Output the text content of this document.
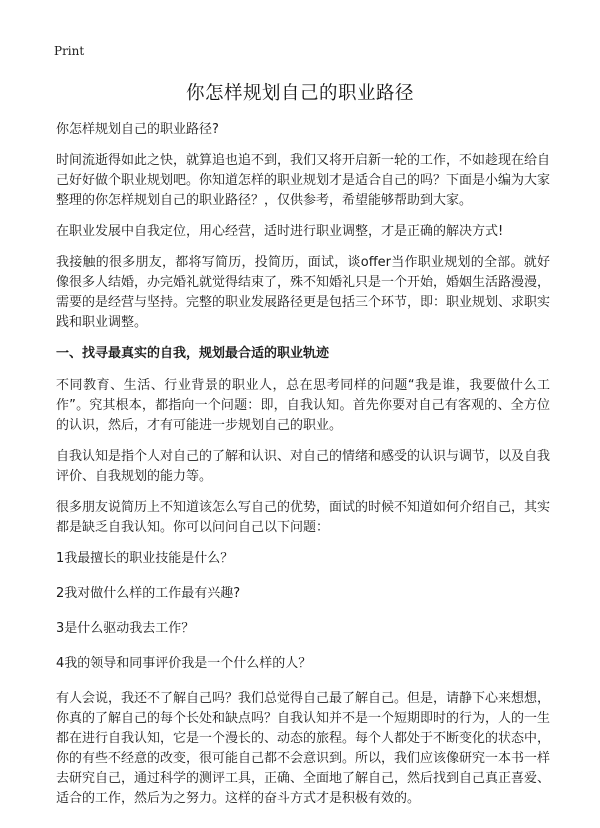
Print
你怎样规划自己的职业路径

你怎样规划自己的职业路径?

时间流逝得如此之快，就算追也追不到，我们又将开启新一轮的工作，不如趁现在给自己好好做个职业规划吧。你知道怎样的职业规划才是适合自己的吗？下面是小编为大家整理的你怎样规划自己的职业路径？，仅供参考，希望能够帮助到大家。

在职业发展中自我定位，用心经营，适时进行职业调整，才是正确的解决方式!

我接触的很多朋友，都将写简历，投简历，面试，谈offer当作职业规划的全部。就好像很多人结婚，办完婚礼就觉得结束了，殊不知婚礼只是一个开始，婚姻生活路漫漫，需要的是经营与坚持。完整的职业发展路径更是包括三个环节，即：职业规划、求职实践和职业调整。

一、找寻最真实的自我，规划最合适的职业轨迹

不同教育、生活、行业背景的职业人，总在思考同样的问题“我是谁，我要做什么工作”。究其根本，都指向一个问题：即，自我认知。首先你要对自己有客观的、全方位的认识，然后，才有可能进一步规划自己的职业。

自我认知是指个人对自己的了解和认识、对自己的情绪和感受的认识与调节，以及自我评价、自我规划的能力等。

很多朋友说简历上不知道该怎么写自己的优势，面试的时候不知道如何介绍自己，其实都是缺乏自我认知。你可以问问自己以下问题：

1我最擅长的职业技能是什么？

2我对做什么样的工作最有兴趣?

3是什么驱动我去工作？

4我的领导和同事评价我是一个什么样的人？

有人会说，我还不了解自己吗？我们总觉得自己最了解自己。但是，请静下心来想想，你真的了解自己的每个长处和缺点吗？自我认知并不是一个短期即时的行为，人的一生都在进行自我认知，它是一个漫长的、动态的旅程。每个人都处于不断变化的状态中，你的有些不经意的改变，很可能自己都不会意识到。所以，我们应该像研究一本书一样去研究自己，通过科学的测评工具，正确、全面地了解自己，然后找到自己真正喜爱、适合的工作，然后为之努力。这样的奋斗方式才是积极有效的。
